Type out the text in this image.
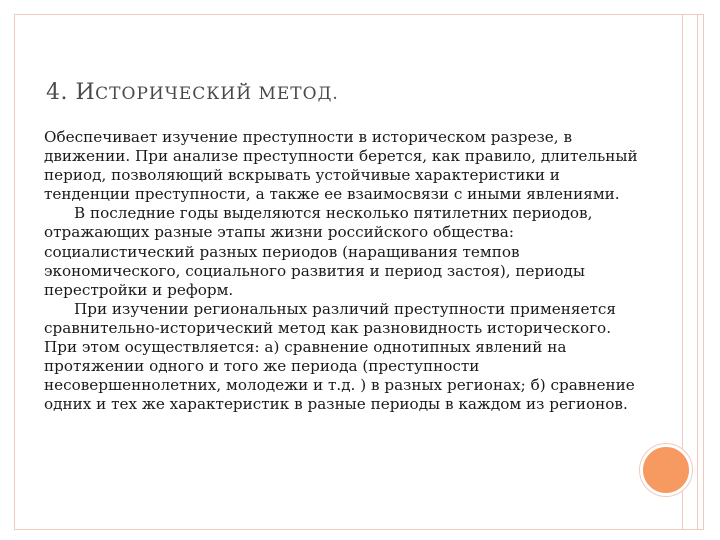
4. ИСТОРИЧЕСКИЙ МЕТОД.

Обеспечивает изучение преступности в историческом разрезе, в движении. При анализе преступности берется, как правило, длительный период, позволяющий вскрывать устойчивые характеристики и тенденции преступности, а также ее взаимосвязи с иными явлениями.

В последние годы выделяются несколько пятилетних периодов, отражающих разные этапы жизни российского общества: социалистический разных периодов (наращивания темпов экономического, социального развития и период застоя), периоды перестройки и реформ.

При изучении региональных различий преступности применяется сравнительно-исторический метод как разновидность исторического. При этом осуществляется: а) сравнение однотипных явлений на протяжении одного и того же периода (преступности несовершеннолетних, молодежи и т.д. ) в разных регионах; б) сравнение одних и тех же характеристик в разные периоды в каждом из регионов.
